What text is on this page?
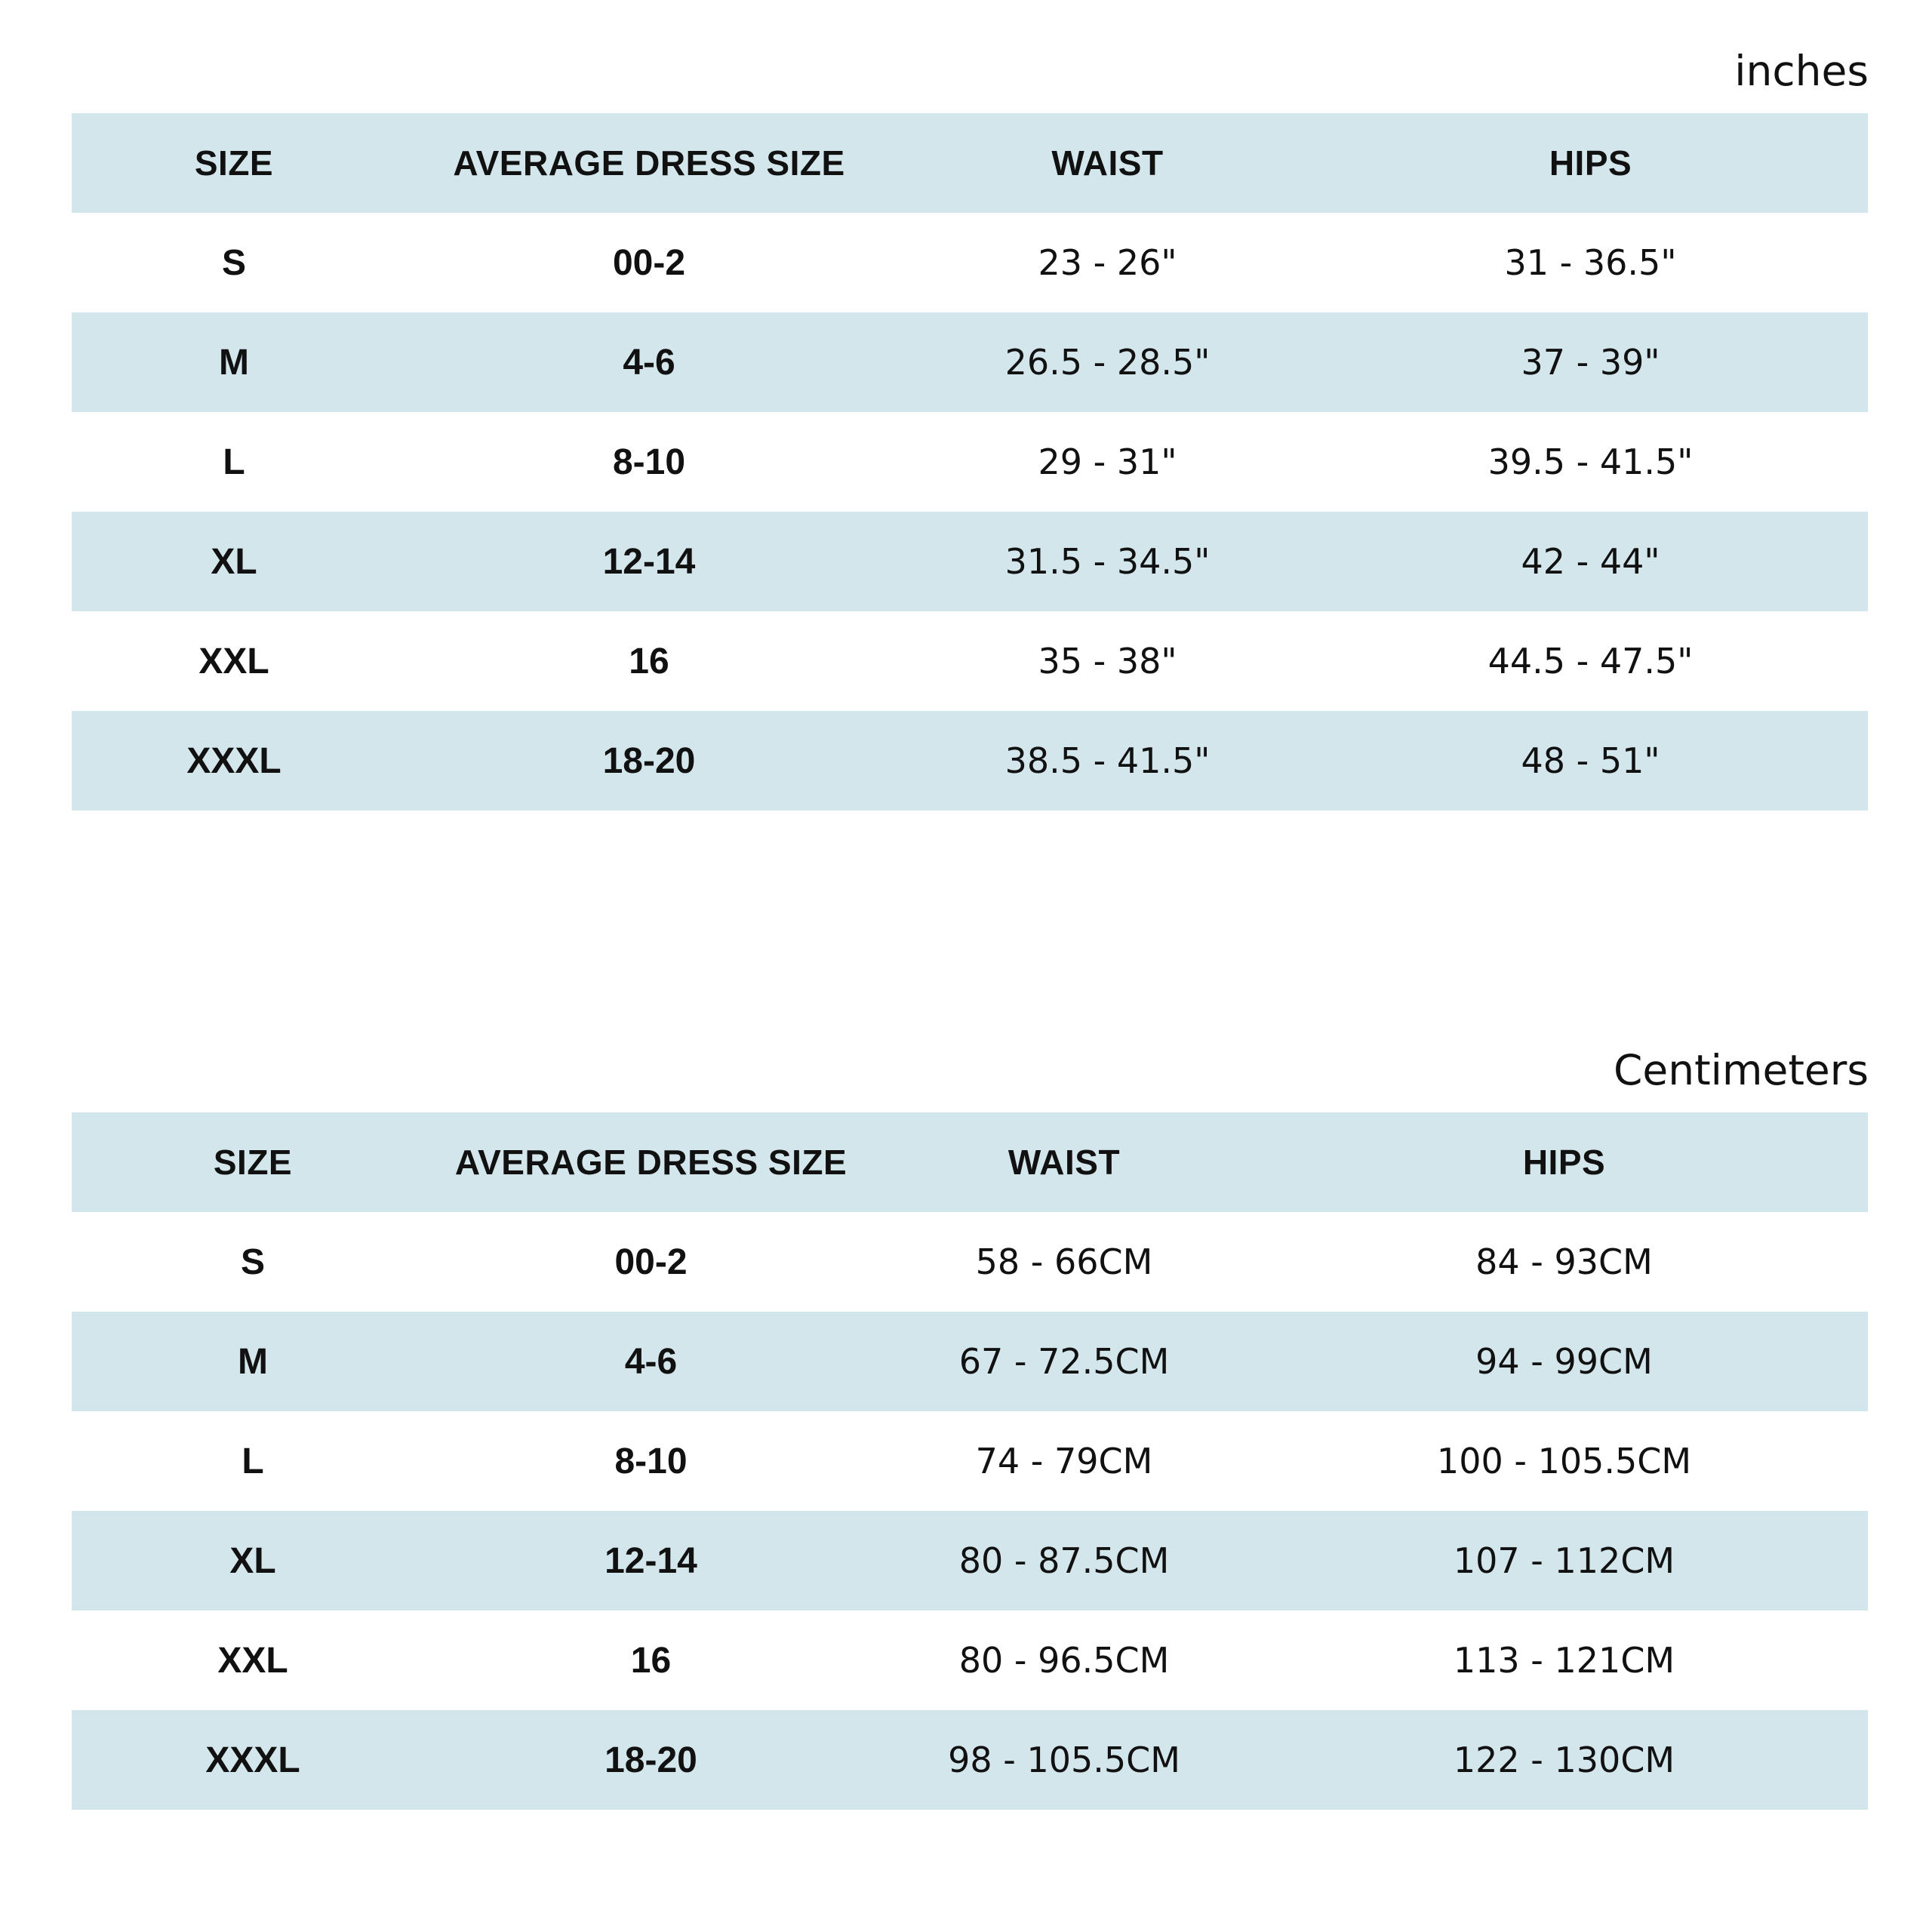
inches
SIZE	AVERAGE DRESS SIZE	WAIST	HIPS
S	00-2	23 - 26"	31 - 36.5"
M	4-6	26.5 - 28.5"	37 - 39"
L	8-10	29 - 31"	39.5 - 41.5"
XL	12-14	31.5 - 34.5"	42 - 44"
XXL	16	35 - 38"	44.5 - 47.5"
XXXL	18-20	38.5 - 41.5"	48 - 51"
Centimeters
SIZE	AVERAGE DRESS SIZE	WAIST	HIPS
S	00-2	58 - 66CM	84 - 93CM
M	4-6	67 - 72.5CM	94 - 99CM
L	8-10	74 - 79CM	100 - 105.5CM
XL	12-14	80 - 87.5CM	107 - 112CM
XXL	16	80 - 96.5CM	113 - 121CM
XXXL	18-20	98 - 105.5CM	122 - 130CM
